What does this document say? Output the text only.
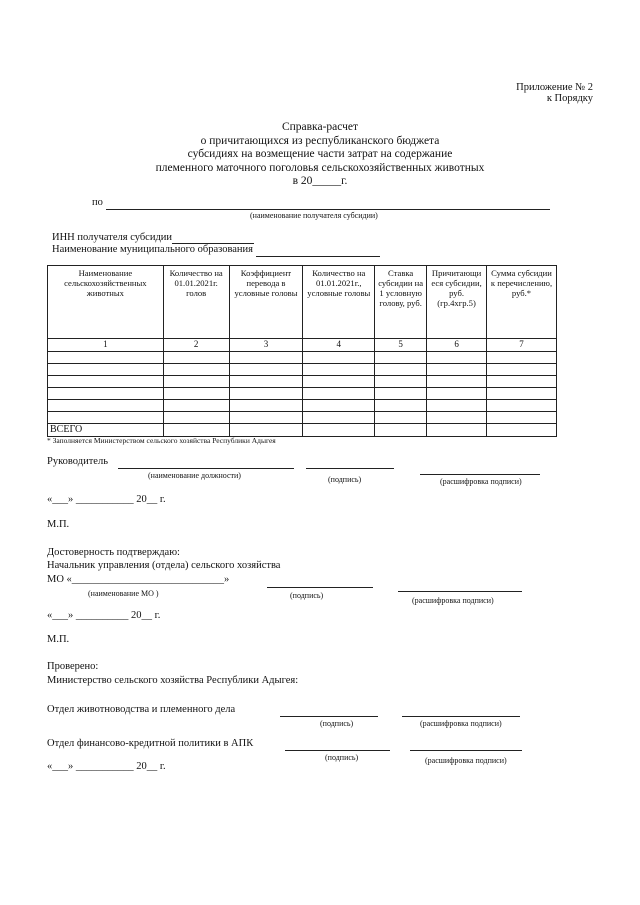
Приложение № 2
к Порядку
Справка-расчет
о причитающихся из республиканского бюджета
субсидиях на возмещение части затрат на содержание
племенного маточного поголовья сельскохозяйственных животных
в 20_____г.
по
(наименование получателя субсидии)
ИНН получателя субсидии
Наименование муниципального образования
Наименование сельскохозяйственных животных	Количество на 01.01.2021г. голов	Коэффициент перевода в условные головы	Количество на 01.01.2021г., условные головы	Ставка субсидии на 1 условную голову, руб.	Причитающи еся субсидии, руб. (гр.4хгр.5)	Сумма субсидии к перечислению, руб.*
1	2	3	4	5	6	7

ВСЕГО						
* Заполняется Министерством сельского хозяйства Республики Адыгея
Руководитель
(наименование должности)	(подпись)	(расшифровка подписи)
«___» ___________ 20__ г.
М.П.
Достоверность подтверждаю:
Начальник управления (отдела) сельского хозяйства
МО «_____________________________»
(наименование МО )	(подпись)
(расшифровка подписи)
«___» __________ 20__ г.
М.П.
Проверено:
Министерство сельского хозяйства Республики Адыгея:
Отдел животноводства и племенного дела
(подпись)	(расшифровка подписи)
Отдел финансово-кредитной политики в АПК
(подпись)	(расшифровка подписи)
«___» ___________ 20__ г.
